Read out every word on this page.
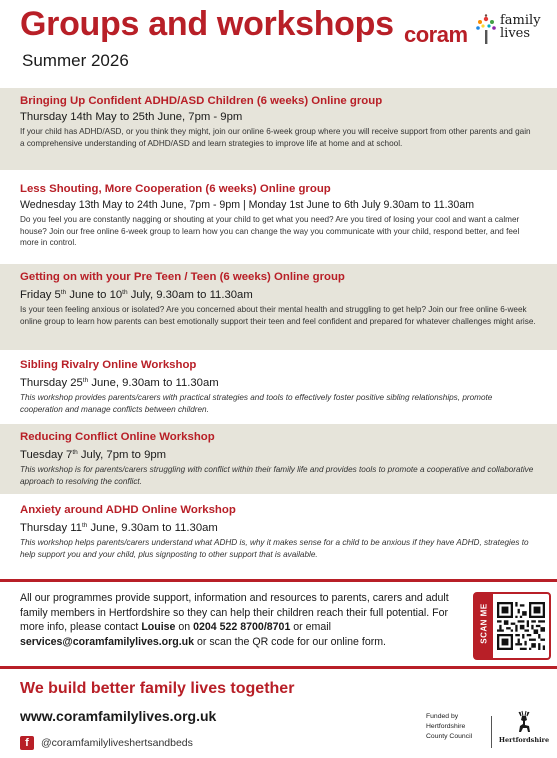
Groups and workshops
Summer 2026
coram
family
lives
Bringing Up Confident ADHD/ASD Children (6 weeks) Online group
Thursday 14th May to 25th June, 7pm - 9pm
If your child has ADHD/ASD, or you think they might, join our online 6-week group where you will receive support from other parents and gain a comprehensive understanding of ADHD/ASD and learn strategies to improve life at home and at school.
Less Shouting, More Cooperation (6 weeks) Online group
Wednesday 13th May to 24th June, 7pm - 9pm | Monday 1st June to 6th July 9.30am to 11.30am
Do you feel you are constantly nagging or shouting at your child to get what you need? Are you tired of losing your cool and want a calmer house? Join our free online 6-week group to learn how you can change the way you communicate with your child, respond better, and feel more in control.
Getting on with your Pre Teen / Teen (6 weeks) Online group
Friday 5th June to 10th July, 9.30am to 11.30am
Is your teen feeling anxious or isolated? Are you concerned about their mental health and struggling to get help? Join our free online 6-week online group to learn how parents can best emotionally support their teen and feel confident and prepared for whatever challenges might arise.
Sibling Rivalry Online Workshop
Thursday 25th June, 9.30am to 11.30am
This workshop provides parents/carers with practical strategies and tools to effectively foster positive sibling relationships, promote cooperation and manage conflicts between children.
Reducing Conflict Online Workshop
Tuesday 7th July, 7pm to 9pm
This workshop is for parents/carers struggling with conflict within their family life and provides tools to promote a cooperative and collaborative approach to resolving the conflict.
Anxiety around ADHD Online Workshop
Thursday 11th June, 9.30am to 11.30am
This workshop helps parents/carers understand what ADHD is, why it makes sense for a child to be anxious if they have ADHD, strategies to help support you and your child, plus signposting to other support that is available.
All our programmes provide support, information and resources to parents, carers and adult family members in Hertfordshire so they can help their children reach their full potential. For more info, please contact Louise on 0204 522 8700/8701 or email services@coramfamilylives.org.uk or scan the QR code for our online form.	SCAN ME
We build better family lives together
www.coramfamilylives.org.uk
f	@coramfamilyliveshertsandbeds
Funded by
Hertfordshire
County Council	Hertfordshire
